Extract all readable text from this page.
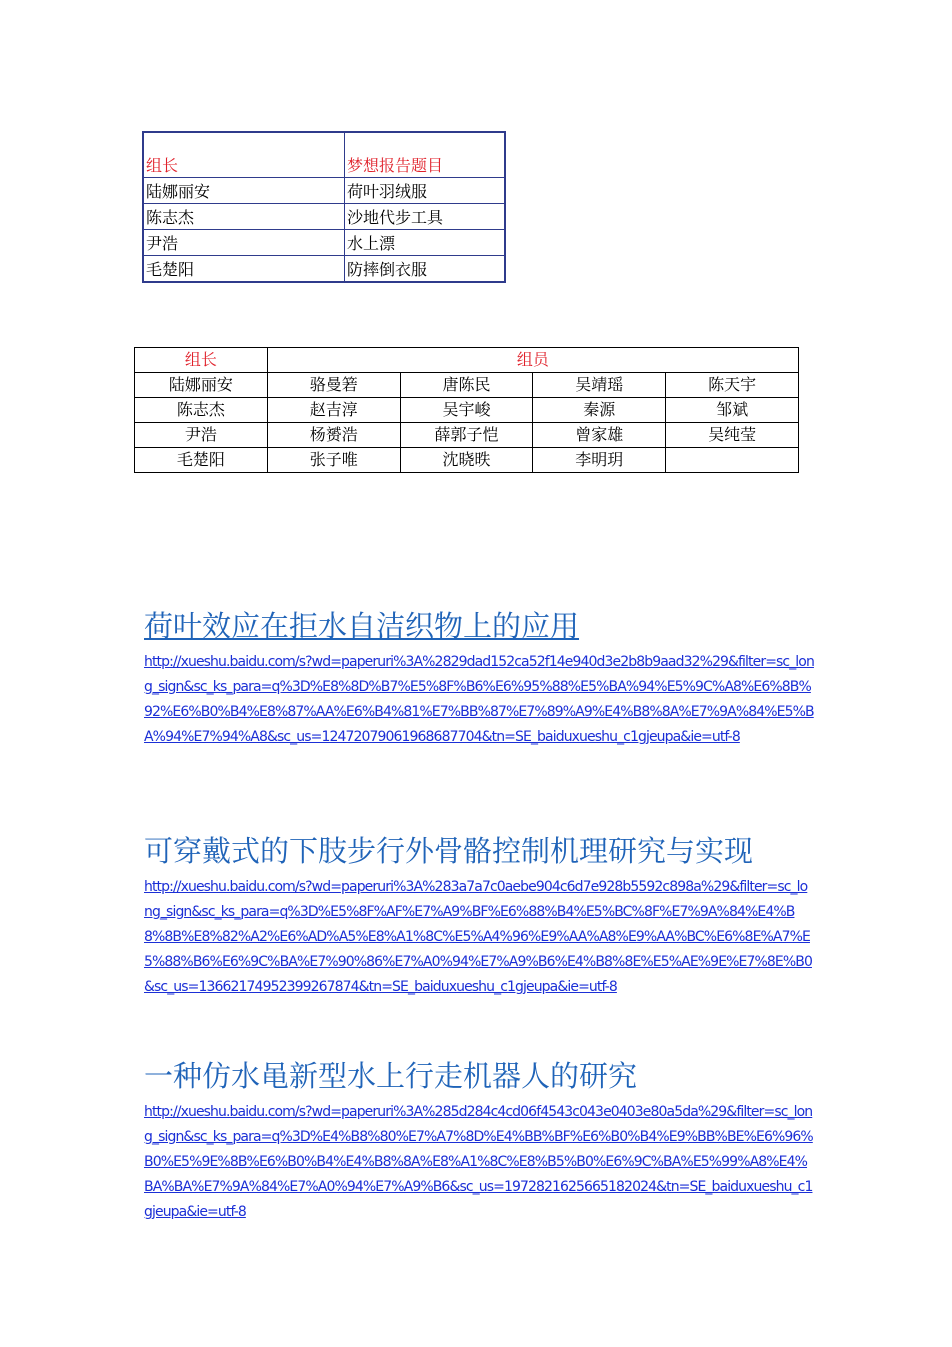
组长	梦想报告题目
陆娜丽安	荷叶羽绒服
陈志杰	沙地代步工具
尹浩	水上漂
毛楚阳	防摔倒衣服
组长	组员			
陆娜丽安	骆曼箬	唐陈民	吴靖瑶	陈天宇
陈志杰	赵吉淳	吴宇峻	秦源	邹斌
尹浩	杨赟浩	薛郭子恺	曾家雄	吴纯莹
毛楚阳	张子唯	沈晓昳	李明玥	
荷叶效应在拒水自洁织物上的应用
http://xueshu.baidu.com/s?wd=paperuri%3A%2829dad152ca52f14e940d3e2b8b9aad32%29&filter=sc_long_sign&sc_ks_para=q%3D%E8%8D%B7%E5%8F%B6%E6%95%88%E5%BA%94%E5%9C%A8%E6%8B%92%E6%B0%B4%E8%87%AA%E6%B4%81%E7%BB%87%E7%89%A9%E4%B8%8A%E7%9A%84%E5%BA%94%E7%94%A8&sc_us=12472079061968687704&tn=SE_baiduxueshu_c1gjeupa&ie=utf-8
可穿戴式的下肢步行外骨骼控制机理研究与实现
http://xueshu.baidu.com/s?wd=paperuri%3A%283a7a7c0aebe904c6d7e928b5592c898a%29&filter=sc_long_sign&sc_ks_para=q%3D%E5%8F%AF%E7%A9%BF%E6%88%B4%E5%BC%8F%E7%9A%84%E4%B8%8B%E8%82%A2%E6%AD%A5%E8%A1%8C%E5%A4%96%E9%AA%A8%E9%AA%BC%E6%8E%A7%E5%88%B6%E6%9C%BA%E7%90%86%E7%A0%94%E7%A9%B6%E4%B8%8E%E5%AE%9E%E7%8E%B0&sc_us=13662174952399267874&tn=SE_baiduxueshu_c1gjeupa&ie=utf-8
一种仿水黾新型水上行走机器人的研究
http://xueshu.baidu.com/s?wd=paperuri%3A%285d284c4cd06f4543c043e0403e80a5da%29&filter=sc_long_sign&sc_ks_para=q%3D%E4%B8%80%E7%A7%8D%E4%BB%BF%E6%B0%B4%E9%BB%BE%E6%96%B0%E5%9E%8B%E6%B0%B4%E4%B8%8A%E8%A1%8C%E8%B5%B0%E6%9C%BA%E5%99%A8%E4%BA%BA%E7%9A%84%E7%A0%94%E7%A9%B6&sc_us=1972821625665182024&tn=SE_baiduxueshu_c1gjeupa&ie=utf-8
